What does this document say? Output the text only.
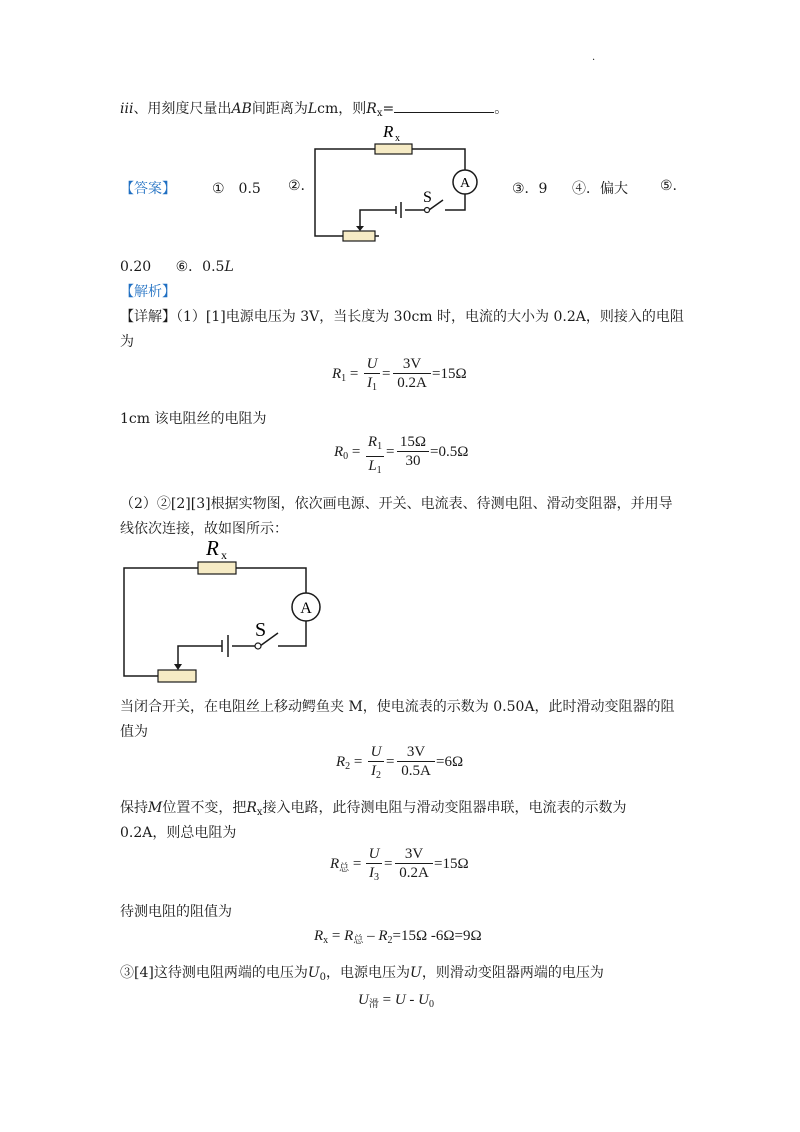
.
iii、用刻度尺量出AB间距离为Lcm，则$R_x=$	。
A
R x
S
【答案】	①　0.5 ②.	③．9 ④．偏大 ⑤.
0.20 ⑥．0.5L
【解析】
【详解】（1）[1]电源电压为 3V，当长度为 30cm 时，电流的大小为 0.2A，则接入的电阻
为
$R_1$ =
U
$I_1$
=
3V
0.2A
=15Ω
1cm 该电阻丝的电阻为
$R_0$ =
$R_1$
$L_1$
=
15Ω
30
=0.5Ω
（2）②[2][3]根据实物图，依次画电源、开关、电流表、待测电阻、滑动变阻器，并用导
线依次连接，故如图所示：
A
R x
S
当闭合开关，在电阻丝上移动鳄鱼夹 M，使电流表的示数为 0.50A，此时滑动变阻器的阻
值为
$R_2$ =
U
$I_2$
=
3V
0.5A
=6Ω
保持M位置不变，把$R_x$接入电路，此待测电阻与滑动变阻器串联，电流表的示数为
0.2A，则总电阻为
$R_总$ =
U
$I_3$
=
3V
0.2A
=15Ω
待测电阻的阻值为
$R_x = R_总 - R_2=15\Omega$ -6Ω=9Ω
③[4]这待测电阻两端的电压为$U_0$，电源电压为U，则滑动变阻器两端的电压为
$U_滑 = U - U_0$
